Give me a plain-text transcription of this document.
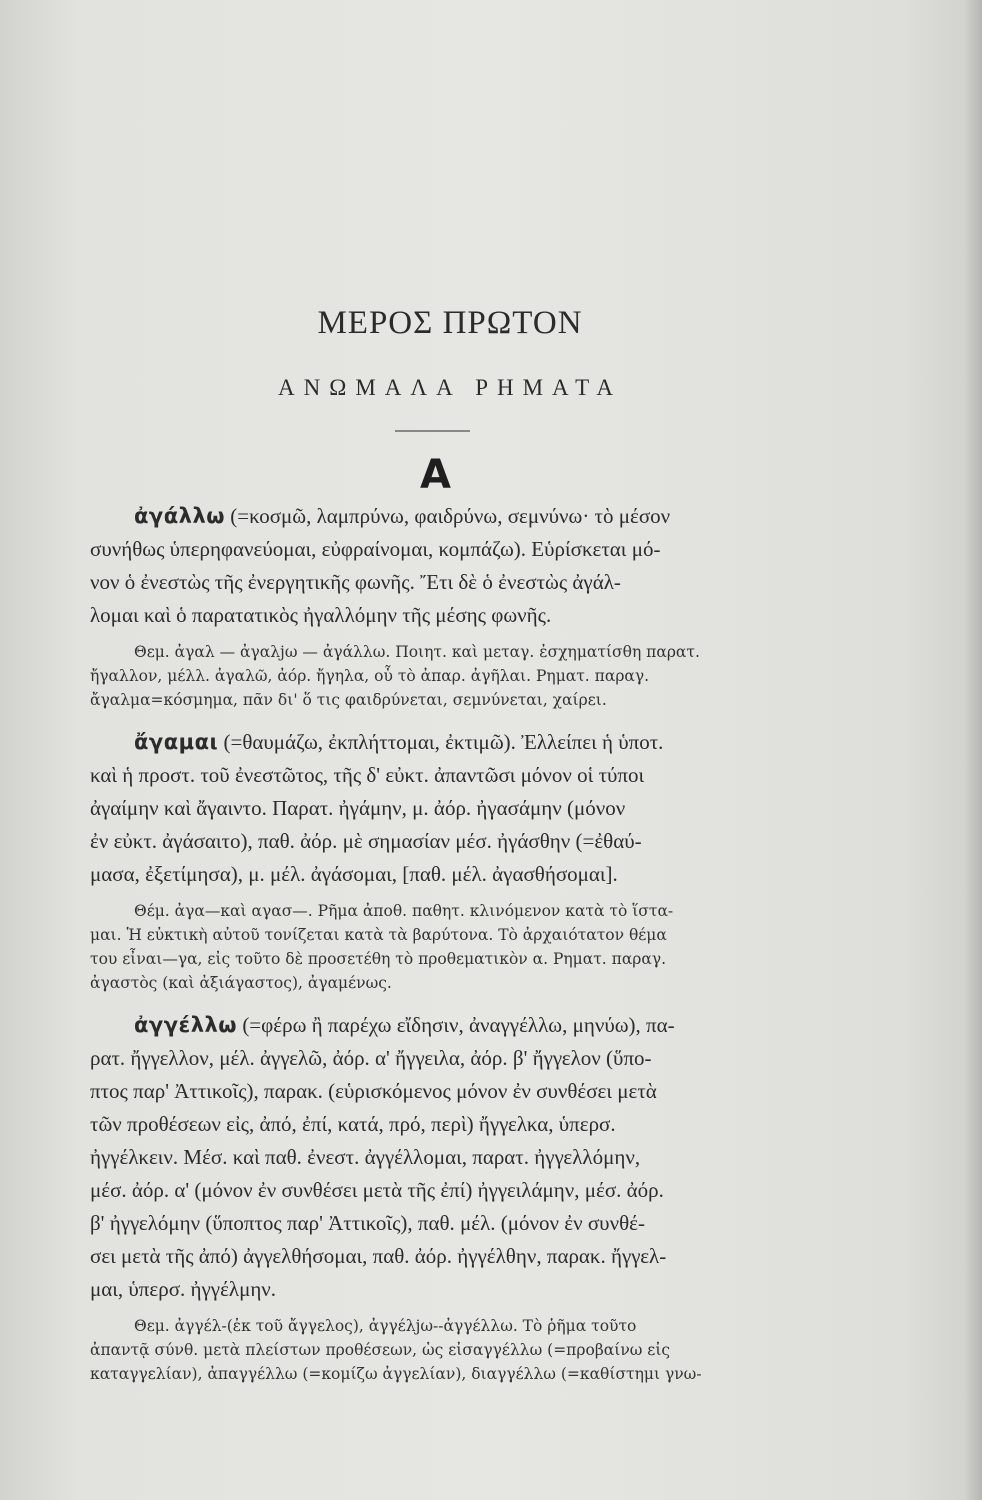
ΜΕΡΟΣ ΠΡΩΤΟΝ
ΑΝΩΜΑΛΑ ΡΗΜΑΤΑ
Α
ἀγάλλω (=κοσμῶ, λαμπρύνω, φαιδρύνω, σεμνύνω· τὸ μέσον
συνήθως ὑπερηφανεύομαι, εὐφραίνομαι, κομπάζω). Εὑρίσκεται μό-
νον ὁ ἐνεστὼς τῆς ἐνεργητικῆς φωνῆς. Ἔτι δὲ ὁ ἐνεστὼς ἀγάλ-
λομαι καὶ ὁ παρατατικὸς ἠγαλλόμην τῆς μέσης φωνῆς.
Θεμ. ἀγαλ — ἀγαλϳω — ἀγάλλω. Ποιητ. καὶ μεταγ. ἐσχηματίσθη παρατ.
ἤγαλλον, μέλλ. ἀγαλῶ, ἀόρ. ἤγηλα, οὗ τὸ ἀπαρ. ἀγῆλαι. Ρηματ. παραγ.
ἄγαλμα=κόσμημα, πᾶν δι' ὅ τις φαιδρύνεται, σεμνύνεται, χαίρει.
ἄγαμαι (=θαυμάζω, ἐκπλήττομαι, ἐκτιμῶ). Ἐλλείπει ἡ ὑποτ.
καὶ ἡ προστ. τοῦ ἐνεστῶτος, τῆς δ' εὐκτ. ἀπαντῶσι μόνον οἱ τύποι
ἀγαίμην καὶ ἄγαιντο. Παρατ. ἠγάμην, μ. ἀόρ. ἠγασάμην (μόνον
ἐν εὐκτ. ἀγάσαιτο), παθ. ἀόρ. μὲ σημασίαν μέσ. ἠγάσθην (=ἐθαύ-
μασα, ἐξετίμησα), μ. μέλ. ἀγάσομαι, [παθ. μέλ. ἀγασθήσομαι].
Θέμ. ἀγα—καὶ αγασ—. Ρῆμα ἀποθ. παθητ. κλινόμενον κατὰ τὸ ἵστα-
μαι. Ἡ εὐκτικὴ αὐτοῦ τονίζεται κατὰ τὰ βαρύτονα. Τὸ ἀρχαιότατον θέμα
του εἶναι—γα, εἰς τοῦτο δὲ προσετέθη τὸ προθεματικὸν α. Ρηματ. παραγ.
ἀγαστὸς (καὶ ἀξιάγαστος), ἀγαμένως.
ἀγγέλλω (=φέρω ἢ παρέχω εἴδησιν, ἀναγγέλλω, μηνύω), πα-
ρατ. ἤγγελλον, μέλ. ἀγγελῶ, ἀόρ. α' ἤγγειλα, ἀόρ. β' ἤγγελον (ὕπο-
πτος παρ' Ἀττικοῖς), παρακ. (εὑρισκόμενος μόνον ἐν συνθέσει μετὰ
τῶν προθέσεων εἰς, ἀπό, ἐπί, κατά, πρό, περὶ) ἤγγελκα, ὑπερσ.
ἠγγέλκειν. Μέσ. καὶ παθ. ἐνεστ. ἀγγέλλομαι, παρατ. ἠγγελλόμην,
μέσ. ἀόρ. α' (μόνον ἐν συνθέσει μετὰ τῆς ἐπί) ἠγγειλάμην, μέσ. ἀόρ.
β' ἠγγελόμην (ὕποπτος παρ' Ἀττικοῖς), παθ. μέλ. (μόνον ἐν συνθέ-
σει μετὰ τῆς ἀπό) ἀγγελθήσομαι, παθ. ἀόρ. ἠγγέλθην, παρακ. ἤγγελ-
μαι, ὑπερσ. ἠγγέλμην.
Θεμ. ἀγγέλ-(ἐκ τοῦ ἄγγελος), ἀγγέλϳω--ἀγγέλλω. Τὸ ῥῆμα τοῦτο
ἀπαντᾷ σύνθ. μετὰ πλείστων προθέσεων, ὡς εἰσαγγέλλω (=προβαίνω εἰς
καταγγελίαν), ἀπαγγέλλω (=κομίζω ἀγγελίαν), διαγγέλλω (=καθίστημι γνω-
